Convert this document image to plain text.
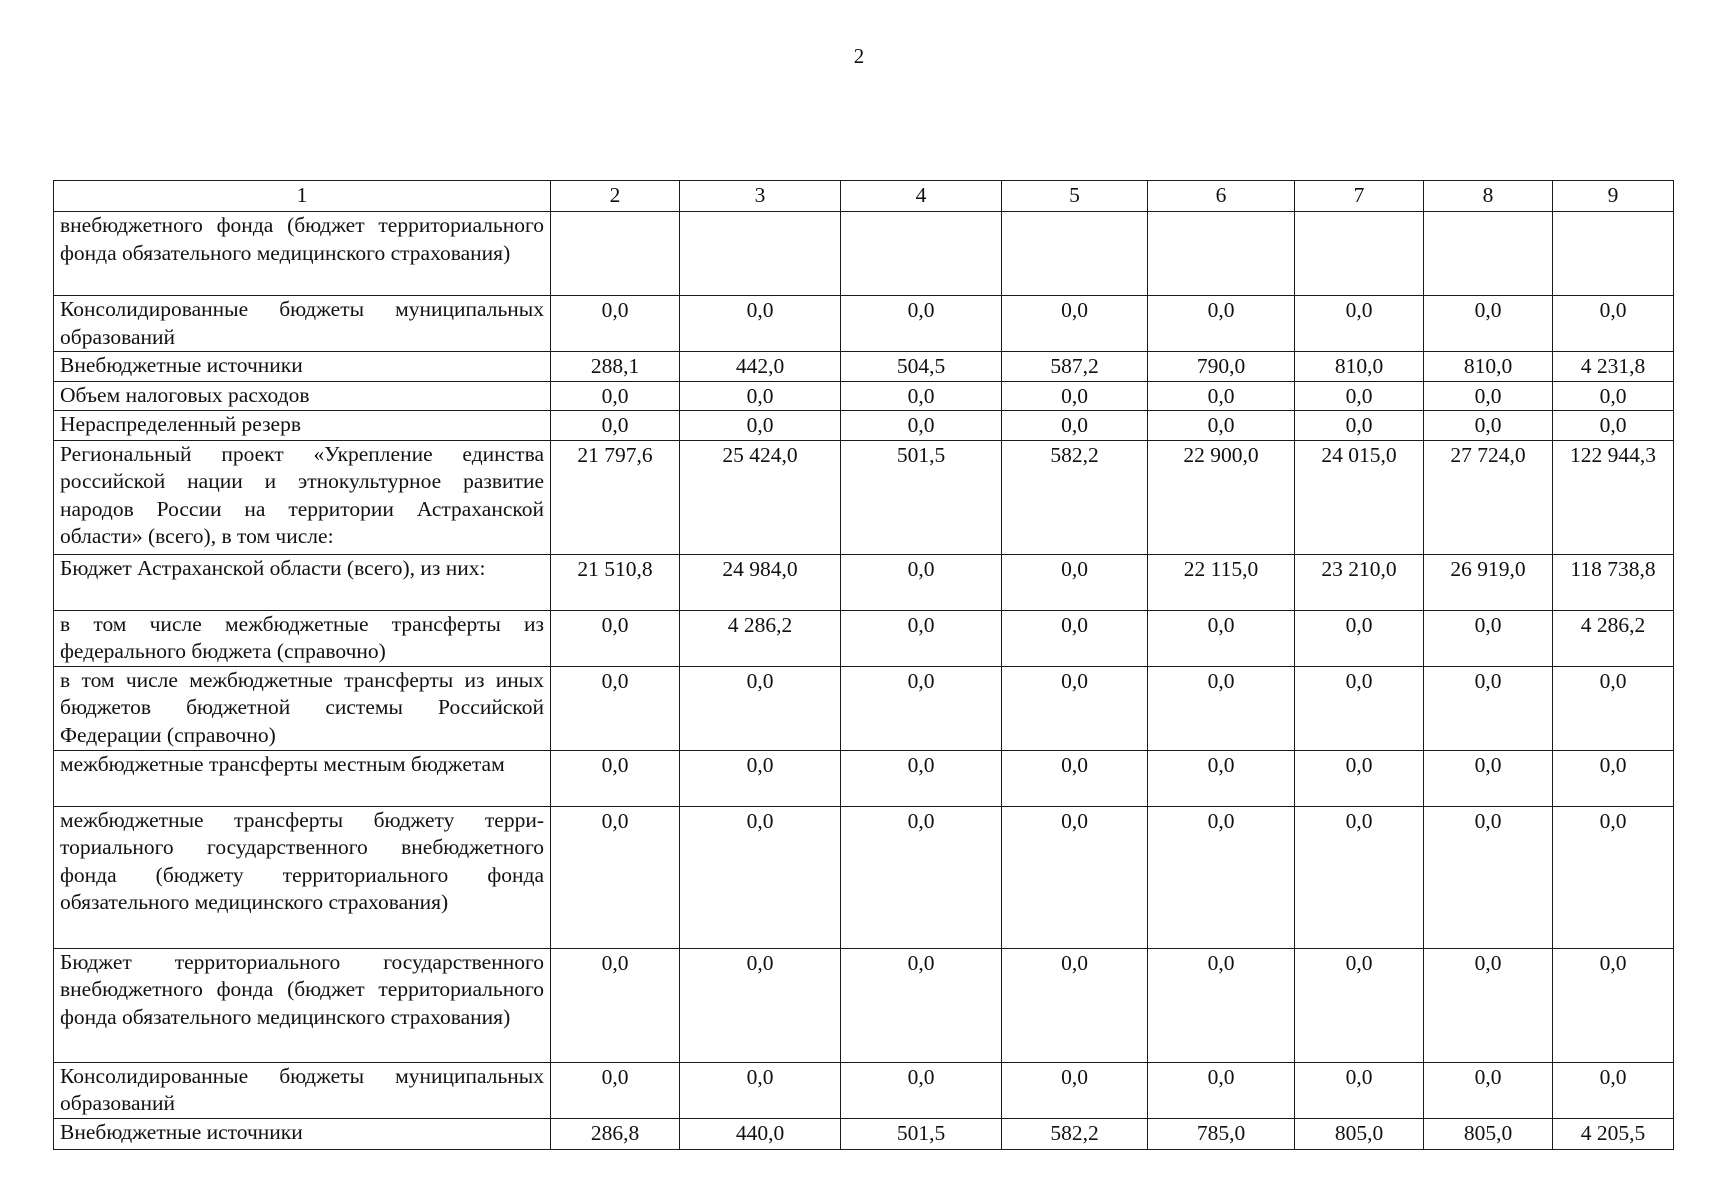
2
1	2	3	4	5	6	7	8	9
внебюджетного фонда (бюджет территориального фонда обязательного медицинского страхования)								
Консолидированные бюджеты муниципальных образований	0,0	0,0	0,0	0,0	0,0	0,0	0,0	0,0
Внебюджетные источники	288,1	442,0	504,5	587,2	790,0	810,0	810,0	4 231,8
Объем налоговых расходов	0,0	0,0	0,0	0,0	0,0	0,0	0,0	0,0
Нераспределенный резерв	0,0	0,0	0,0	0,0	0,0	0,0	0,0	0,0
Региональный проект «Укрепление единства российской нации и этнокультурное развитие народов России на территории Астраханской области» (всего), в том числе:	21 797,6	25 424,0	501,5	582,2	22 900,0	24 015,0	27 724,0	122 944,3
Бюджет Астраханской области (всего), из них:	21 510,8	24 984,0	0,0	0,0	22 115,0	23 210,0	26 919,0	118 738,8
в том числе межбюджетные трансферты из федерального бюджета (справочно)	0,0	4 286,2	0,0	0,0	0,0	0,0	0,0	4 286,2
в том числе межбюджетные трансферты из иных бюджетов бюджетной системы Российской Федерации (справочно)	0,0	0,0	0,0	0,0	0,0	0,0	0,0	0,0
межбюджетные трансферты местным бюджетам	0,0	0,0	0,0	0,0	0,0	0,0	0,0	0,0
межбюджетные трансферты бюджету территориального государственного внебюджетного фонда (бюджету территориального фонда обязательного медицинского страхования)	0,0	0,0	0,0	0,0	0,0	0,0	0,0	0,0
Бюджет территориального государственного внебюджетного фонда (бюджет территориального фонда обязательного медицинского страхования)	0,0	0,0	0,0	0,0	0,0	0,0	0,0	0,0
Консолидированные бюджеты муниципальных образований	0,0	0,0	0,0	0,0	0,0	0,0	0,0	0,0
Внебюджетные источники	286,8	440,0	501,5	582,2	785,0	805,0	805,0	4 205,5
